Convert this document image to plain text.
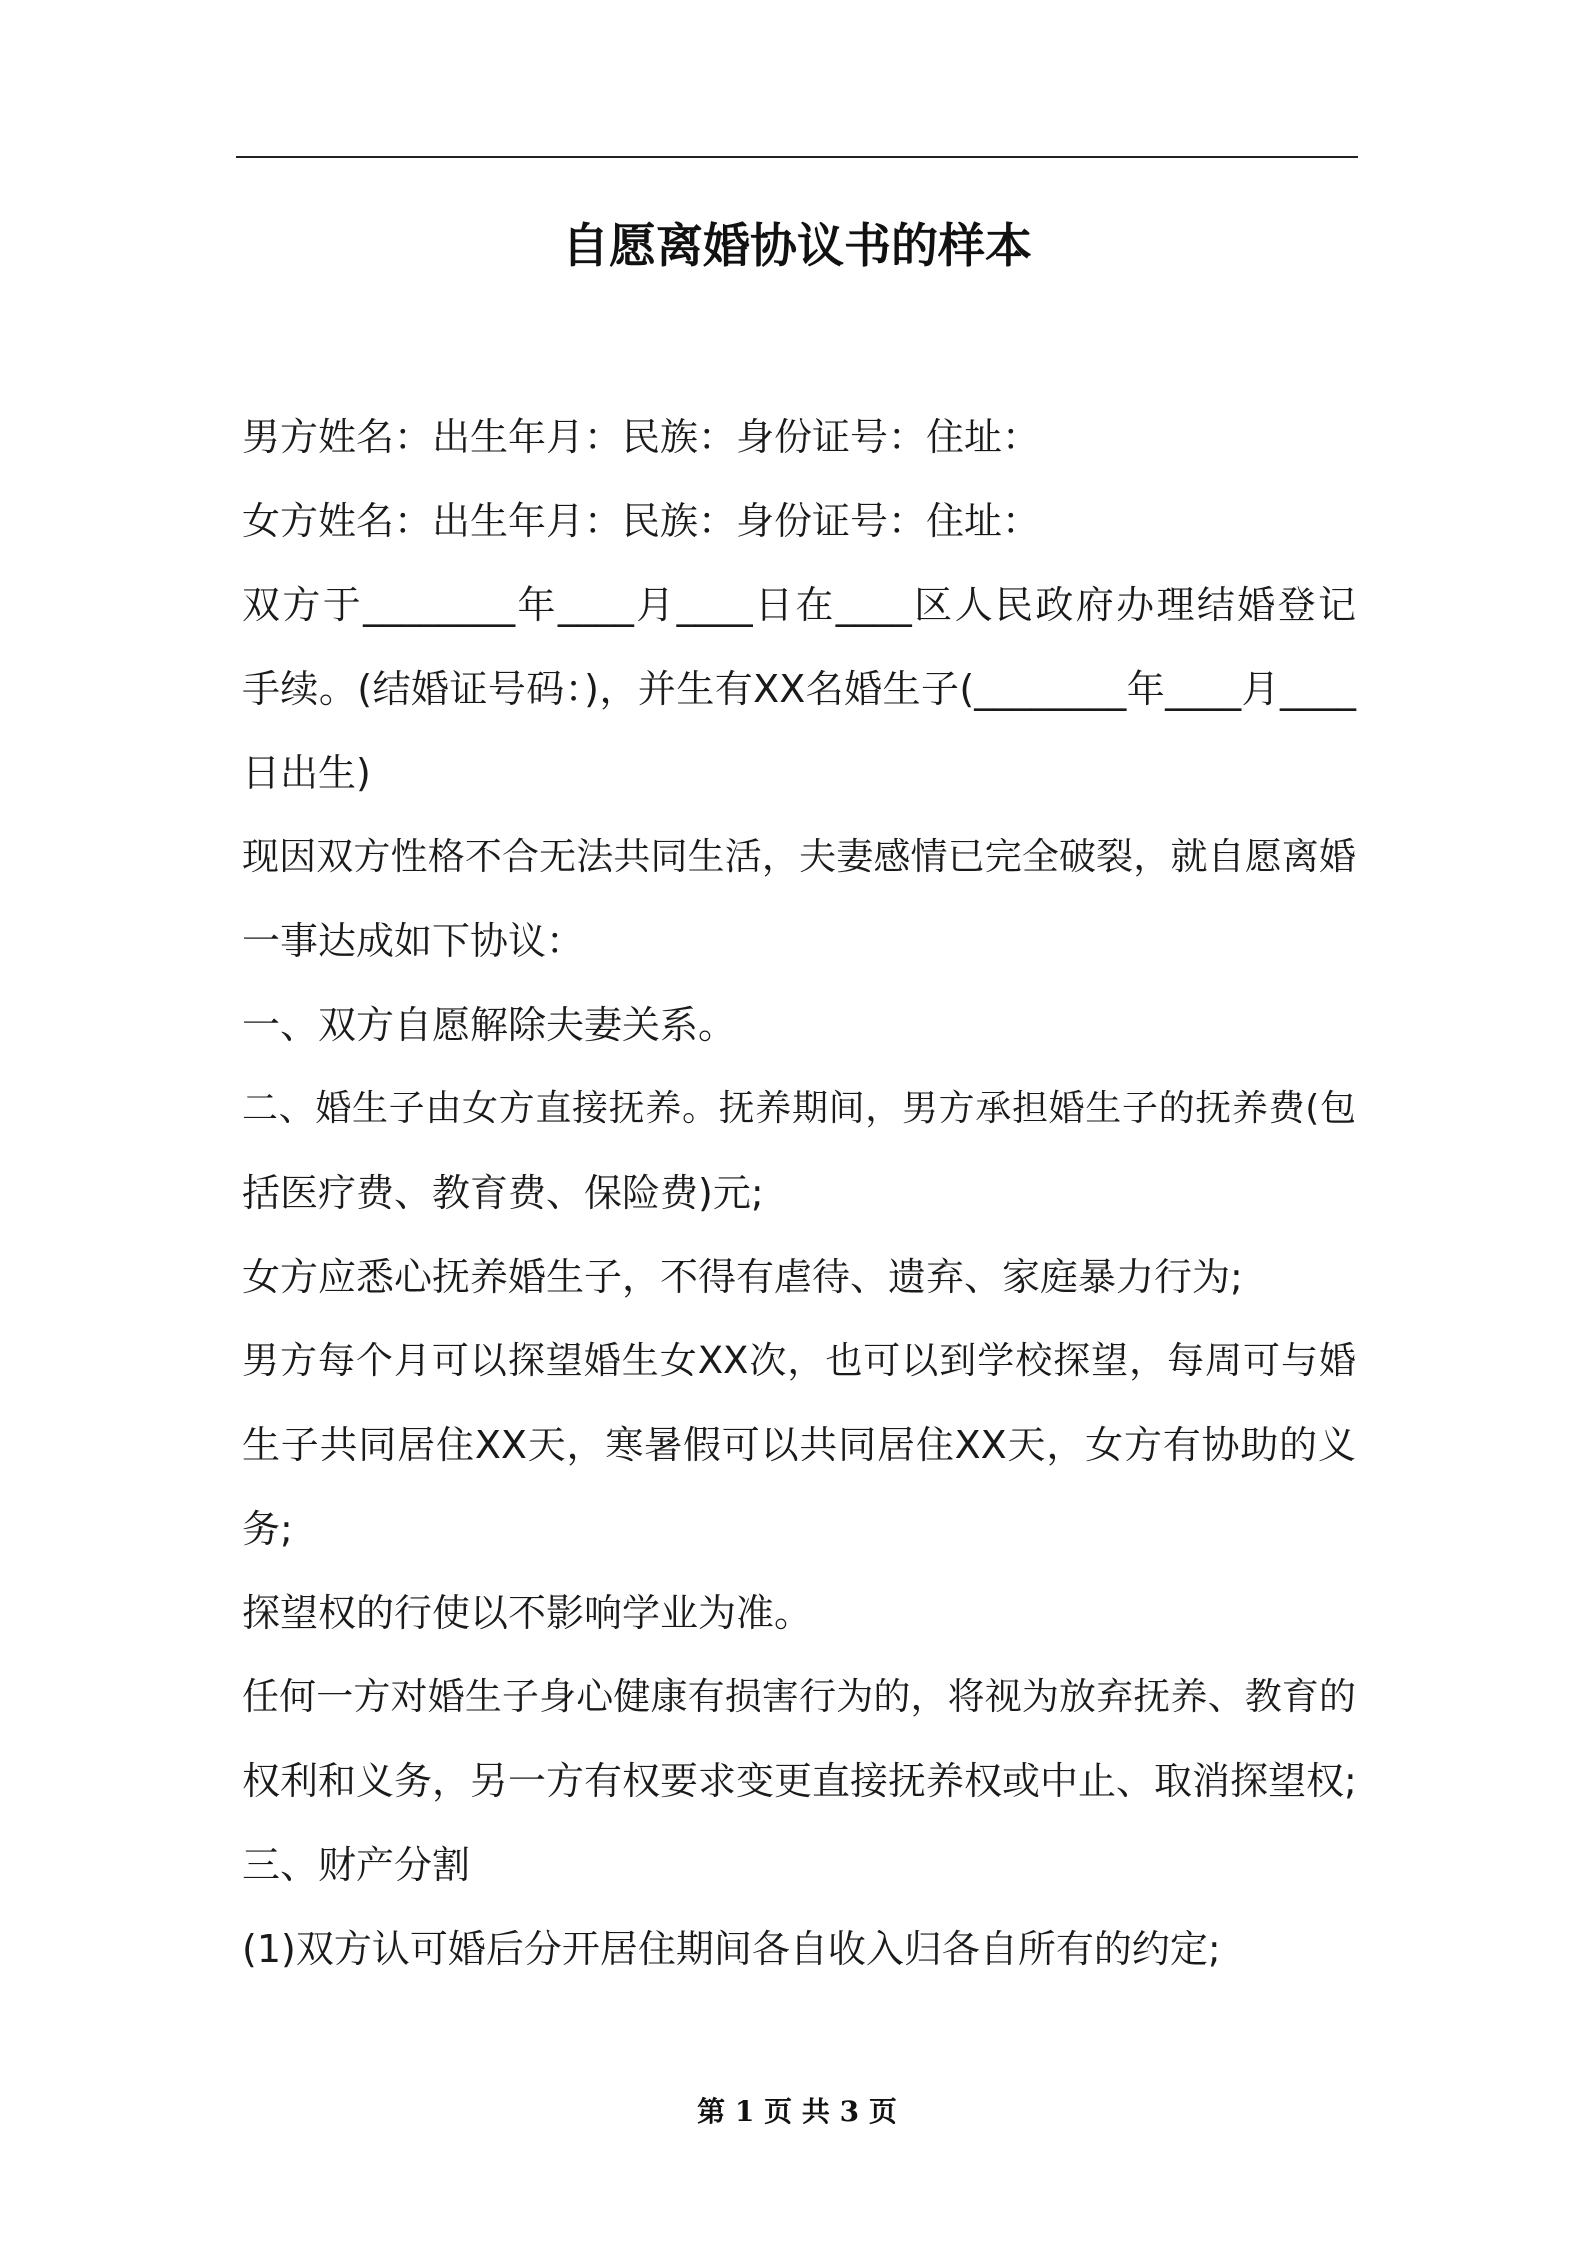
自愿离婚协议书的样本
男方姓名：出生年月：民族：身份证号：住址：
女方姓名：出生年月：民族：身份证号：住址：
双方于________年____月____日在____区人民政府办理结婚登记
手续。(结婚证号码：)，并生有XX名婚生子(________年____月____
日出生)
现因双方性格不合无法共同生活，夫妻感情已完全破裂，就自愿离婚
一事达成如下协议：
一、双方自愿解除夫妻关系。
二、婚生子由女方直接抚养。抚养期间，男方承担婚生子的抚养费(包
括医疗费、教育费、保险费)元;
女方应悉心抚养婚生子，不得有虐待、遗弃、家庭暴力行为;
男方每个月可以探望婚生女XX次，也可以到学校探望，每周可与婚
生子共同居住XX天，寒暑假可以共同居住XX天，女方有协助的义
务;
探望权的行使以不影响学业为准。
任何一方对婚生子身心健康有损害行为的，将视为放弃抚养、教育的
权利和义务，另一方有权要求变更直接抚养权或中止、取消探望权;
三、财产分割
(1)双方认可婚后分开居住期间各自收入归各自所有的约定;
第 1 页 共 3 页
